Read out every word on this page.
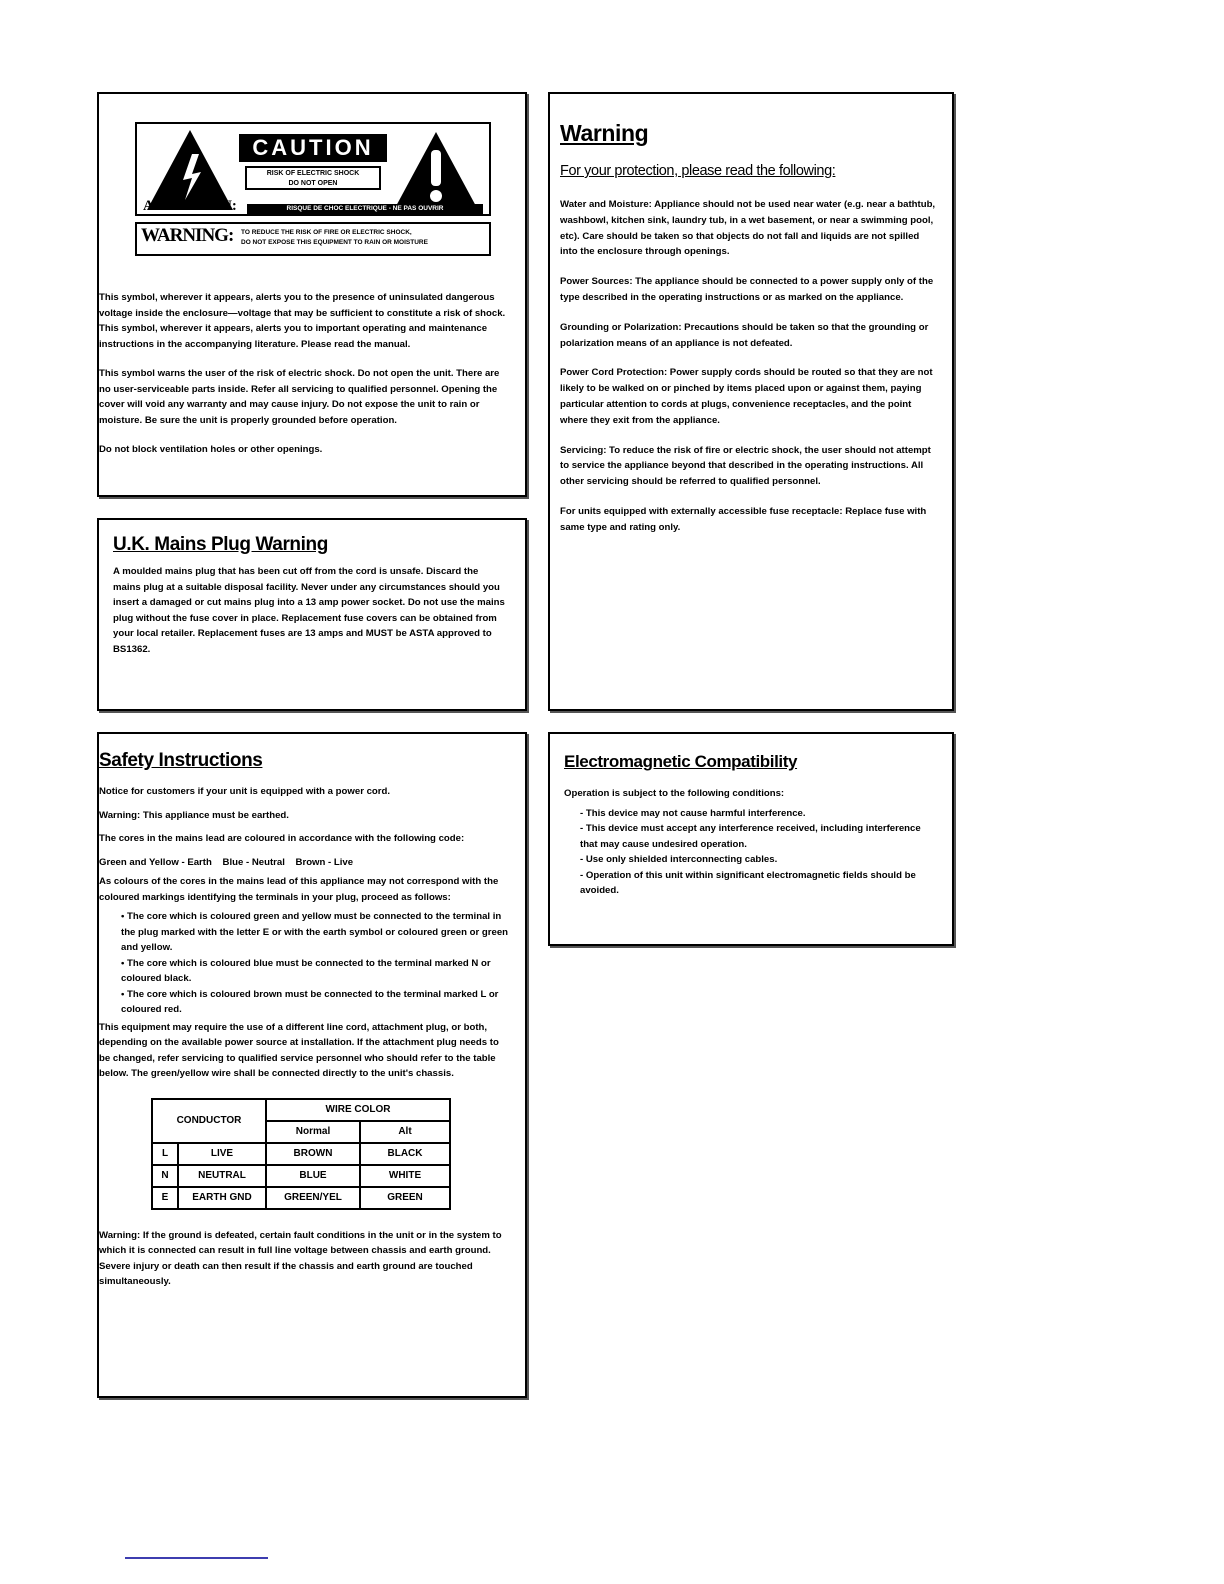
CAUTION
RISK OF ELECTRIC SHOCK
DO NOT OPEN
ATTENTION:	RISQUE DE CHOC ELECTRIQUE - NE PAS OUVRIR
WARNING: TO REDUCE THE RISK OF FIRE OR ELECTRIC SHOCK,
DO NOT EXPOSE THIS EQUIPMENT TO RAIN OR MOISTURE

This symbol, wherever it appears, alerts you to the presence of uninsulated dangerous voltage inside the enclosure—voltage that may be sufficient to constitute a risk of shock. This symbol, wherever it appears, alerts you to important operating and maintenance instructions in the accompanying literature. Please read the manual.

This symbol warns the user of the risk of electric shock. Do not open the unit. There are no user-serviceable parts inside. Refer all servicing to qualified personnel. Opening the cover will void any warranty and may cause injury. Do not expose the unit to rain or moisture. Be sure the unit is properly grounded before operation.

Do not block ventilation holes or other openings.

U.K. Mains Plug Warning

A moulded mains plug that has been cut off from the cord is unsafe. Discard the mains plug at a suitable disposal facility. Never under any circumstances should you insert a damaged or cut mains plug into a 13 amp power socket. Do not use the mains plug without the fuse cover in place. Replacement fuse covers can be obtained from your local retailer. Replacement fuses are 13 amps and MUST be ASTA approved to BS1362.

Warning

For your protection, please read the following:

Water and Moisture: Appliance should not be used near water (e.g. near a bathtub, washbowl, kitchen sink, laundry tub, in a wet basement, or near a swimming pool, etc). Care should be taken so that objects do not fall and liquids are not spilled into the enclosure through openings.

Power Sources: The appliance should be connected to a power supply only of the type described in the operating instructions or as marked on the appliance.

Grounding or Polarization: Precautions should be taken so that the grounding or polarization means of an appliance is not defeated.

Power Cord Protection: Power supply cords should be routed so that they are not likely to be walked on or pinched by items placed upon or against them, paying particular attention to cords at plugs, convenience receptacles, and the point where they exit from the appliance.

Servicing: To reduce the risk of fire or electric shock, the user should not attempt to service the appliance beyond that described in the operating instructions. All other servicing should be referred to qualified personnel.

For units equipped with externally accessible fuse receptacle: Replace fuse with same type and rating only.

Safety Instructions

Notice for customers if your unit is equipped with a power cord.

Warning: This appliance must be earthed.

The cores in the mains lead are coloured in accordance with the following code:

Green and Yellow - Earth    Blue - Neutral    Brown - Live

As colours of the cores in the mains lead of this appliance may not correspond with the coloured markings identifying the terminals in your plug, proceed as follows:

• The core which is coloured green and yellow must be connected to the terminal in the plug marked with the letter E or with the earth symbol or coloured green or green and yellow.
• The core which is coloured blue must be connected to the terminal marked N or coloured black.
• The core which is coloured brown must be connected to the terminal marked L or coloured red.

This equipment may require the use of a different line cord, attachment plug, or both, depending on the available power source at installation. If the attachment plug needs to be changed, refer servicing to qualified service personnel who should refer to the table below. The green/yellow wire shall be connected directly to the unit's chassis.

CONDUCTOR		WIRE COLOR	
		Normal	Alt
L	LIVE	BROWN	BLACK
N	NEUTRAL	BLUE	WHITE
E	EARTH GND	GREEN/YEL	GREEN

Warning: If the ground is defeated, certain fault conditions in the unit or in the system to which it is connected can result in full line voltage between chassis and earth ground. Severe injury or death can then result if the chassis and earth ground are touched simultaneously.

Electromagnetic Compatibility

Operation is subject to the following conditions:

- This device may not cause harmful interference.
- This device must accept any interference received, including interference that may cause undesired operation.
- Use only shielded interconnecting cables.
- Operation of this unit within significant electromagnetic fields should be avoided.
